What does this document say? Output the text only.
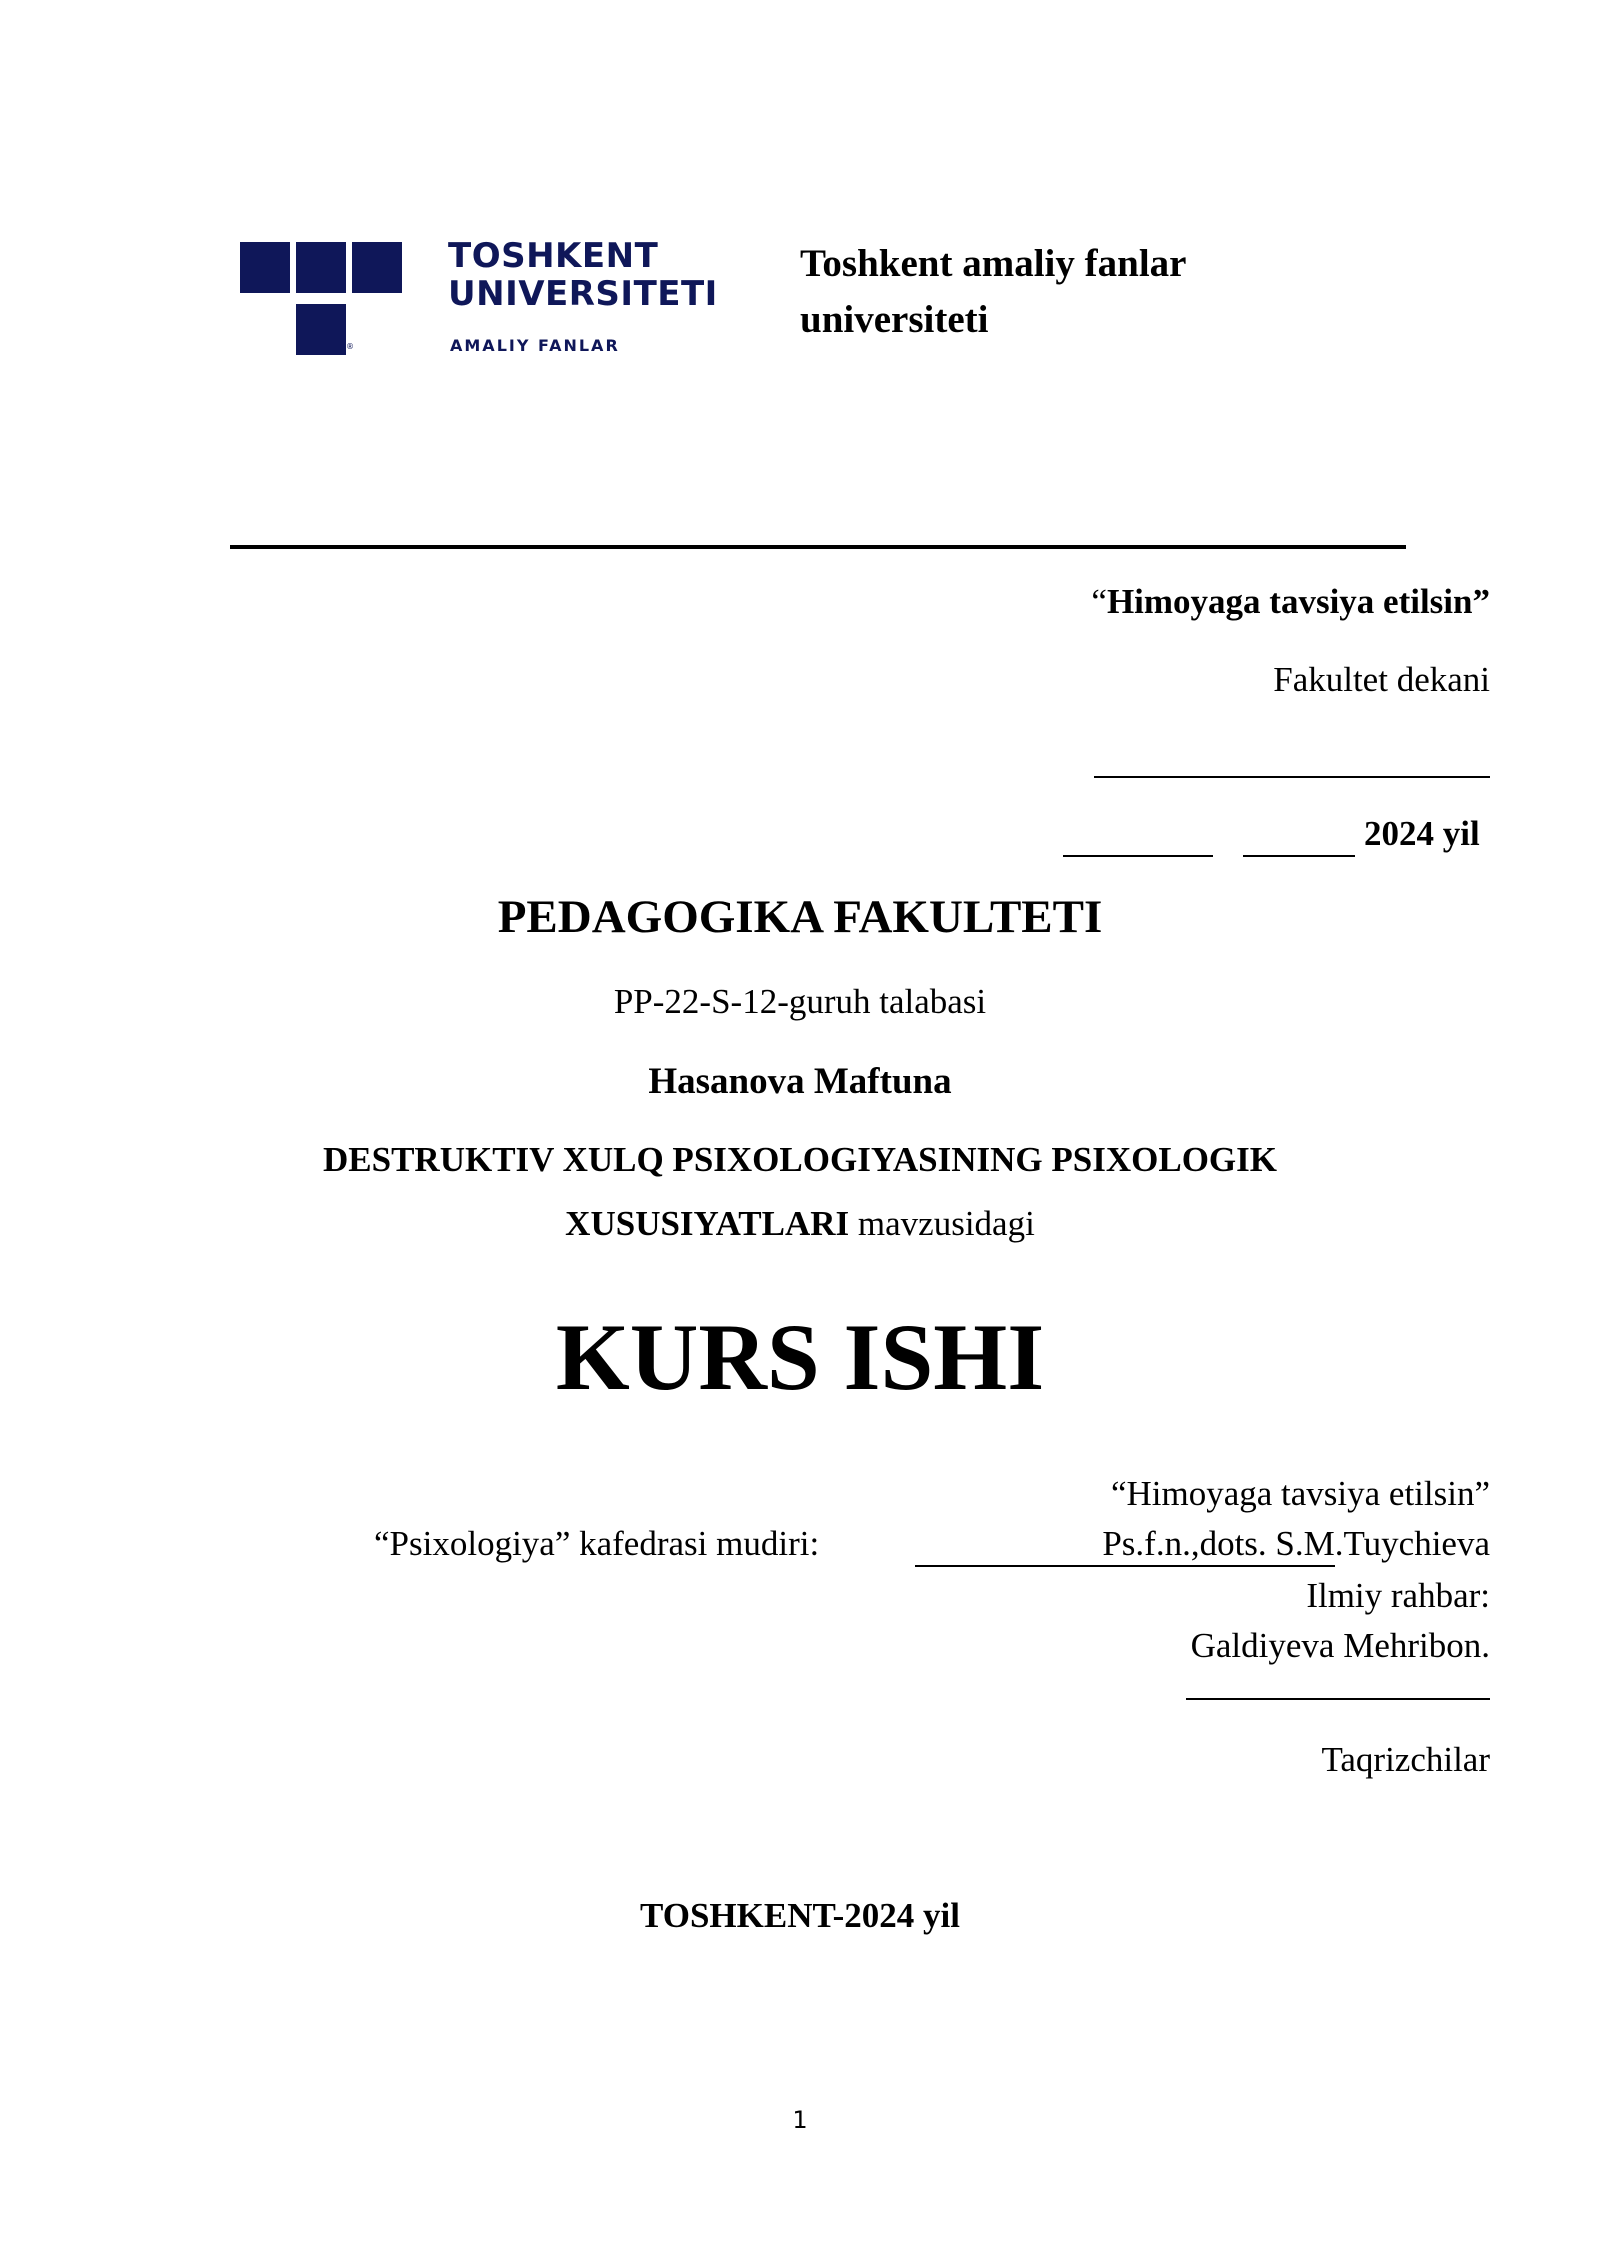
®
TOSHKENT
UNIVERSITETI
AMALIY FANLAR
Toshkent amaliy fanlar universiteti
“Himoyaga tavsiya etilsin”
Fakultet dekani
2024 yil
PEDAGOGIKA FAKULTETI
PP-22-S-12-guruh talabasi
Hasanova Maftuna
DESTRUKTIV XULQ PSIXOLOGIYASINING PSIXOLOGIK
XUSUSIYATLARI mavzusidagi
KURS ISHI
“Himoyaga tavsiya etilsin”
“Psixologiya” kafedrasi mudiri:	Ps.f.n.,dots. S.M.Tuychieva
Ilmiy rahbar:
Galdiyeva Mehribon.
Taqrizchilar
TOSHKENT-2024 yil
1
